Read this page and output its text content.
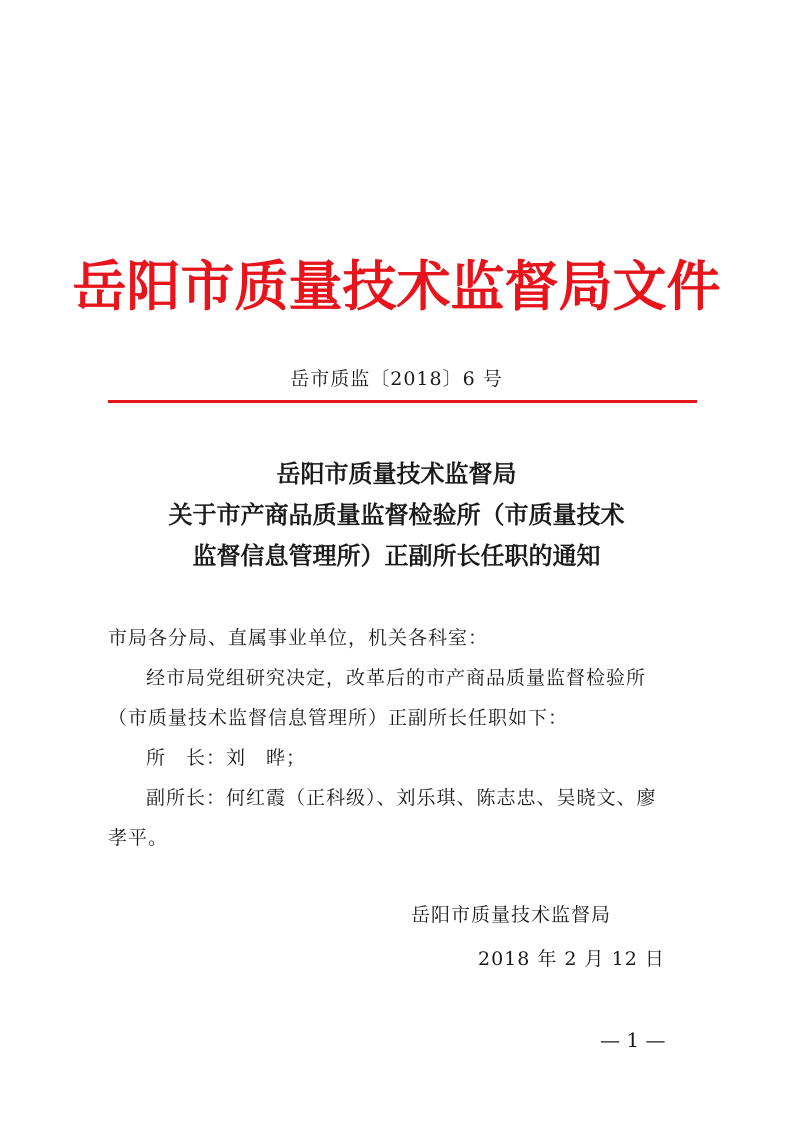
岳阳市质量技术监督局文件
岳市质监〔2018〕6 号
岳阳市质量技术监督局
关于市产商品质量监督检验所（市质量技术
监督信息管理所）正副所长任职的通知

市局各分局、直属事业单位，机关各科室：

经市局党组研究决定，改革后的市产商品质量监督检验所

（市质量技术监督信息管理所）正副所长任职如下：

所　长：刘　晔；

副所长：何红霞（正科级）、刘乐琪、陈志忠、吴晓文、廖

孝平。

岳阳市质量技术监督局
2018 年 2 月 12 日
— 1 —
